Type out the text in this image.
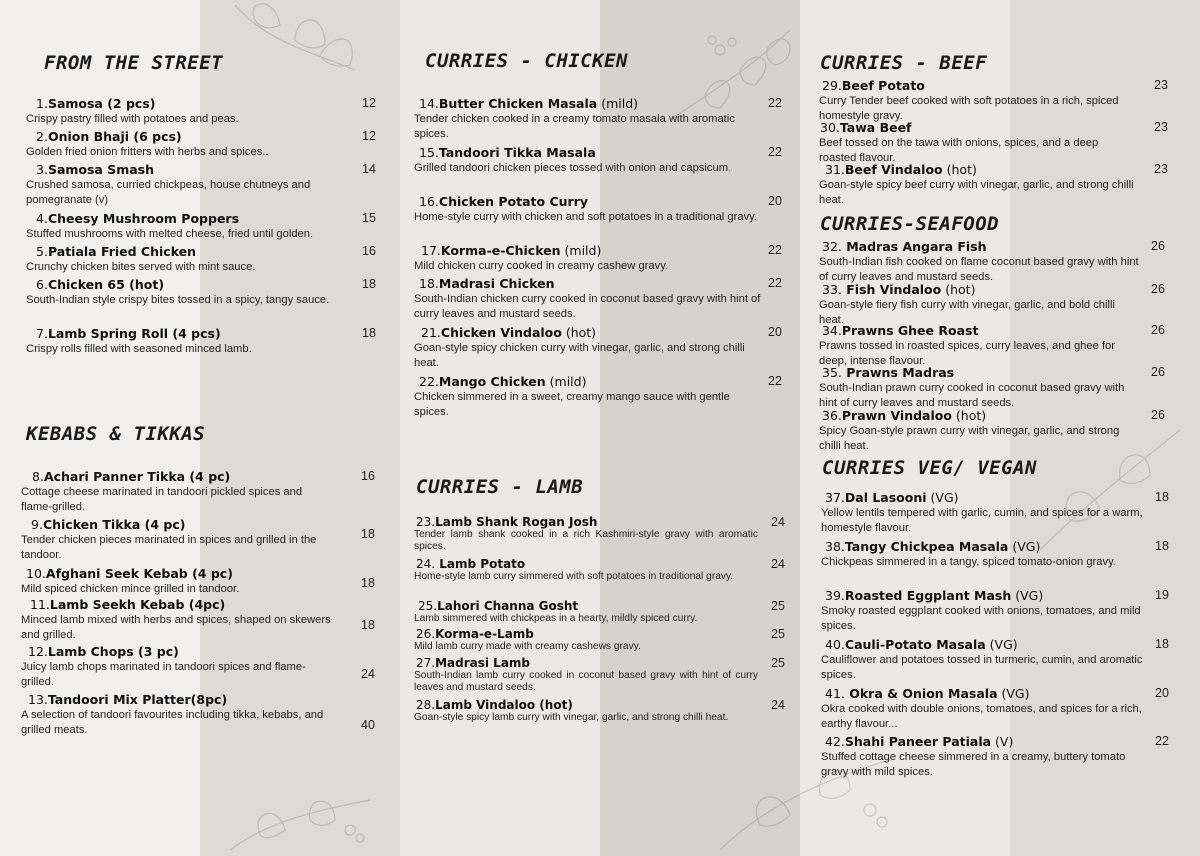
FROM THE STREET
1.Samosa (2 pcs)
Crispy pastry filled with potatoes and peas.
12
2.Onion Bhaji (6 pcs)
Golden fried onion fritters with herbs and spices..
12
3.Samosa Smash
Crushed samosa, curried chickpeas, house chutneys and pomegranate (v)
14
4.Cheesy Mushroom Poppers
Stuffed mushrooms with melted cheese, fried until golden.
15
5.Patiala Fried Chicken
Crunchy chicken bites served with mint sauce.
16
6.Chicken 65 (hot)
South-Indian style crispy bites tossed in a spicy, tangy sauce.
18
7.Lamb Spring Roll (4 pcs)
Crispy rolls filled with seasoned minced lamb.
18
KEBABS & TIKKAS
8.Achari Panner Tikka (4 pc)
Cottage cheese marinated in tandoori pickled spices and flame-grilled.
16
9.Chicken Tikka (4 pc)
Tender chicken pieces marinated in spices and grilled in the tandoor.
18
10.Afghani Seek Kebab (4 pc)
Mild spiced chicken mince grilled in tandoor.	18
11.Lamb Seekh Kebab (4pc)
Minced lamb mixed with herbs and spices, shaped on skewers and grilled.
18
12.Lamb Chops (3 pc)
Juicy lamb chops marinated in tandoori spices and flame-grilled.
24
13.Tandoori Mix Platter(8pc)
A selection of tandoori favourites including tikka, kebabs, and grilled meats.	40
CURRIES - CHICKEN
14.Butter Chicken Masala (mild)
Tender chicken cooked in a creamy tomato masala with aromatic spices.
22
15.Tandoori Tikka Masala
Grilled tandoori chicken pieces tossed with onion and capsicum.
22
16.Chicken Potato Curry
Home-style curry with chicken and soft potatoes in a traditional gravy.
20
17.Korma-e-Chicken (mild)
Mild chicken curry cooked in creamy cashew gravy.
22
18.Madrasi Chicken
South-Indian chicken curry cooked in coconut based gravy with hint of curry leaves and mustard seeds.
22
21.Chicken Vindaloo (hot)
Goan-style spicy chicken curry with vinegar, garlic, and strong chilli heat.
20
22.Mango Chicken (mild)
Chicken simmered in a sweet, creamy mango sauce with gentle spices.
22
CURRIES - LAMB
23.Lamb Shank Rogan Josh
Tender lamb shank cooked in a rich Kashmiri-style gravy with aromatic spices.
24
24. Lamb Potato
Home-style lamb curry simmered with soft potatoes in traditional gravy.
24
25.Lahori Channa Gosht
Lamb simmered with chickpeas in a hearty, mildly spiced curry.
25
26.Korma-e-Lamb
Mild lamb curry made with creamy cashews gravy.
25
27.Madrasi Lamb
South-Indian lamb curry cooked in coconut based gravy with hint of curry leaves and mustard seeds.
25
28.Lamb Vindaloo (hot)
Goan-style spicy lamb curry with vinegar, garlic, and strong chilli heat.
24
CURRIES - BEEF
29.Beef Potato
Curry Tender beef cooked with soft potatoes in a rich, spiced homestyle gravy.
23
30.Tawa Beef
Beef tossed on the tawa with onions, spices, and a deep roasted flavour.
23
31.Beef Vindaloo (hot)
Goan-style spicy beef curry with vinegar, garlic, and strong chilli heat.
23
CURRIES-SEAFOOD
32. Madras Angara Fish
South-Indian fish cooked on flame coconut based gravy with hint of curry leaves and mustard seeds.
26
33. Fish Vindaloo (hot)
Goan-style fiery fish curry with vinegar, garlic, and bold chilli heat.
26
34.Prawns Ghee Roast
Prawns tossed in roasted spices, curry leaves, and ghee for deep, intense flavour.
26
35. Prawns Madras
South-Indian prawn curry cooked in coconut based gravy with hint of curry leaves and mustard seeds.
26
36.Prawn Vindaloo (hot)
Spicy Goan-style prawn curry with vinegar, garlic, and strong chilli heat.
26
CURRIES VEG/ VEGAN
37.Dal Lasooni (VG)
Yellow lentils tempered with garlic, cumin, and spices for a warm, homestyle flavour.
18
38.Tangy Chickpea Masala (VG)
Chickpeas simmered in a tangy, spiced tomato-onion gravy.
18
39.Roasted Eggplant Mash (VG)
Smoky roasted eggplant cooked with onions, tomatoes, and mild spices.
19
40.Cauli-Potato Masala (VG)
Cauliflower and potatoes tossed in turmeric, cumin, and aromatic spices.
18
41. Okra & Onion Masala (VG)
Okra cooked with double onions, tomatoes, and spices for a rich, earthy flavour...
20
42.Shahi Paneer Patiala (V)
Stuffed cottage cheese simmered in a creamy, buttery tomato gravy with mild spices.
22
